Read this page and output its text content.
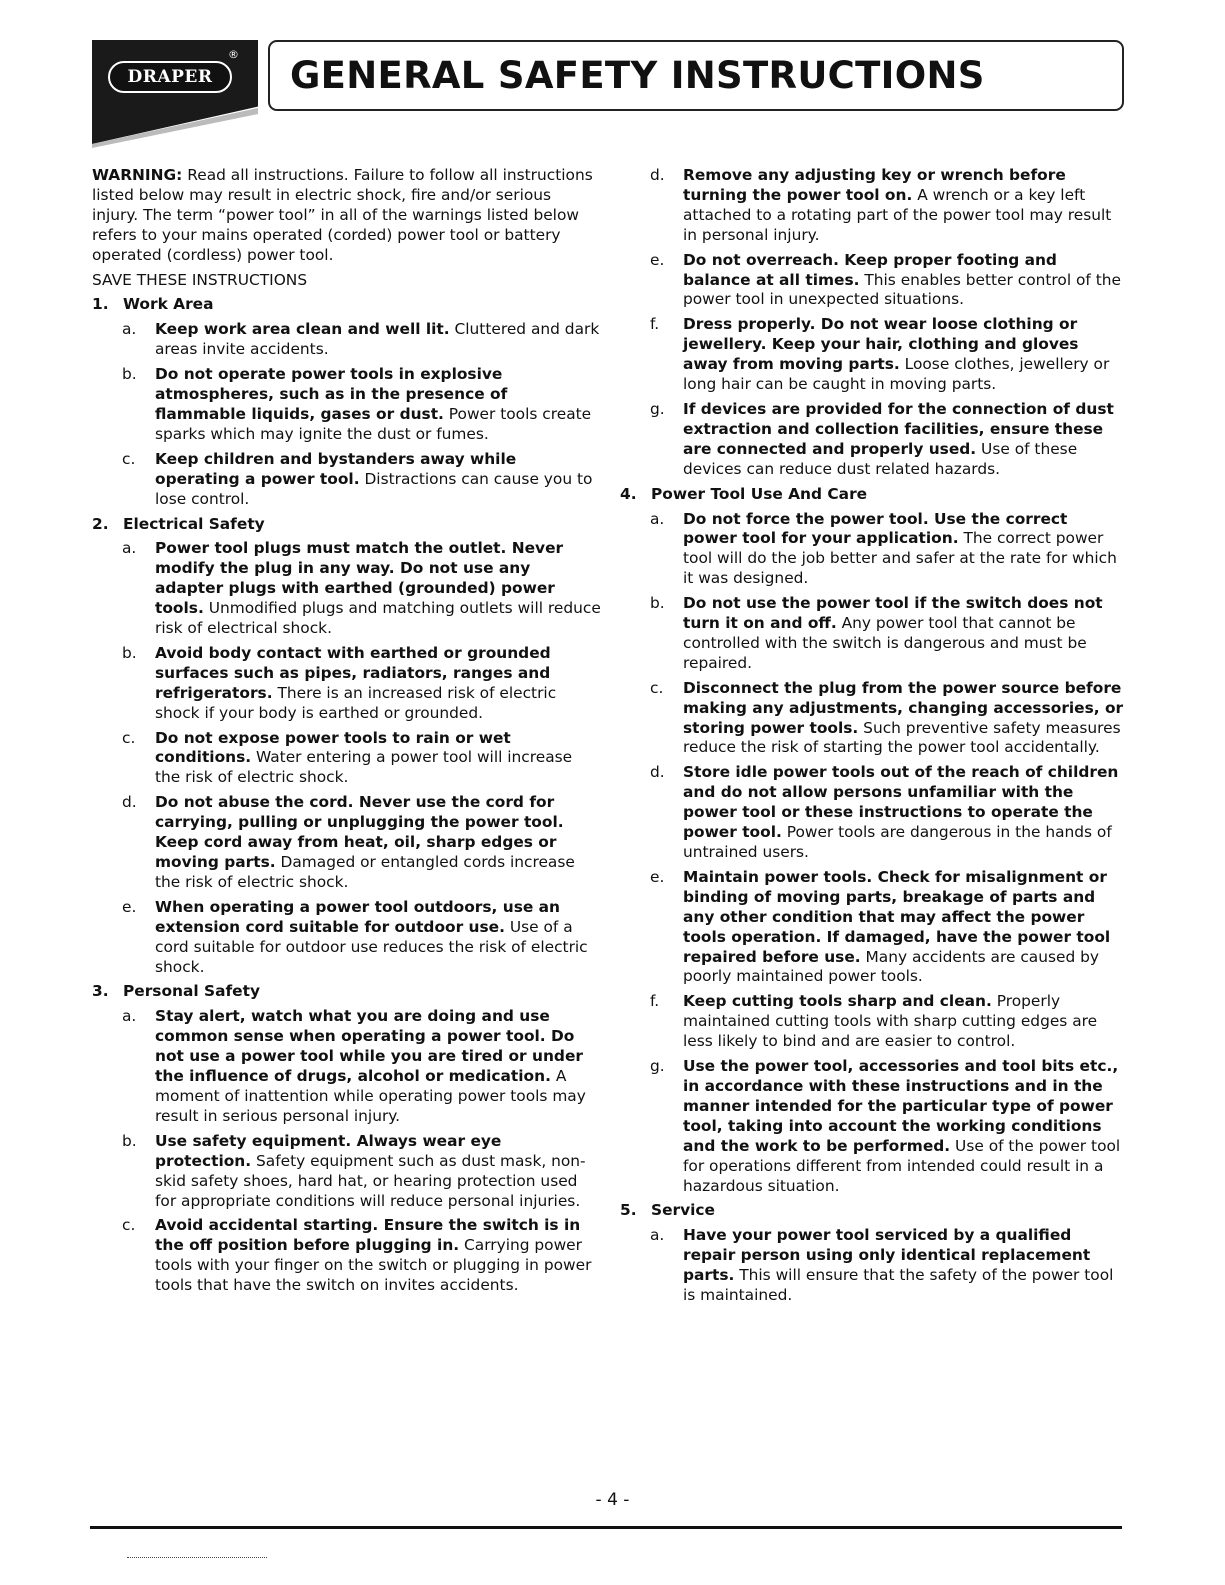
DRAPER
® GENERAL SAFETY INSTRUCTIONS

WARNING: Read all instructions. Failure to follow all instructions listed below may result in electric shock, fire and/or serious injury. The term “power tool” in all of the warnings listed below refers to your mains operated (corded) power tool or battery operated (cordless) power tool.

SAVE THESE INSTRUCTIONS

1. Work Area
a. Keep work area clean and well lit. Cluttered and dark areas invite accidents.
b. Do not operate power tools in explosive atmospheres, such as in the presence of flammable liquids, gases or dust. Power tools create sparks which may ignite the dust or fumes.
c. Keep children and bystanders away while operating a power tool. Distractions can cause you to lose control.
2. Electrical Safety
a. Power tool plugs must match the outlet. Never modify the plug in any way. Do not use any adapter plugs with earthed (grounded) power tools. Unmodified plugs and matching outlets will reduce risk of electrical shock.
b. Avoid body contact with earthed or grounded surfaces such as pipes, radiators, ranges and refrigerators. There is an increased risk of electric shock if your body is earthed or grounded.
c. Do not expose power tools to rain or wet conditions. Water entering a power tool will increase the risk of electric shock.
d. Do not abuse the cord. Never use the cord for carrying, pulling or unplugging the power tool. Keep cord away from heat, oil, sharp edges or moving parts. Damaged or entangled cords increase the risk of electric shock.
e. When operating a power tool outdoors, use an extension cord suitable for outdoor use. Use of a cord suitable for outdoor use reduces the risk of electric shock.
3. Personal Safety
a. Stay alert, watch what you are doing and use common sense when operating a power tool. Do not use a power tool while you are tired or under the influence of drugs, alcohol or medication. A moment of inattention while operating power tools may result in serious personal injury.
b. Use safety equipment. Always wear eye protection. Safety equipment such as dust mask, non-skid safety shoes, hard hat, or hearing protection used for appropriate conditions will reduce personal injuries.
c. Avoid accidental starting. Ensure the switch is in the off position before plugging in. Carrying power tools with your finger on the switch or plugging in power tools that have the switch on invites accidents.
d. Remove any adjusting key or wrench before turning the power tool on. A wrench or a key left attached to a rotating part of the power tool may result in personal injury.
e. Do not overreach. Keep proper footing and balance at all times. This enables better control of the power tool in unexpected situations.
f. Dress properly. Do not wear loose clothing or jewellery. Keep your hair, clothing and gloves away from moving parts. Loose clothes, jewellery or long hair can be caught in moving parts.
g. If devices are provided for the connection of dust extraction and collection facilities, ensure these are connected and properly used. Use of these devices can reduce dust related hazards.
4. Power Tool Use And Care
a. Do not force the power tool. Use the correct power tool for your application. The correct power tool will do the job better and safer at the rate for which it was designed.
b. Do not use the power tool if the switch does not turn it on and off. Any power tool that cannot be controlled with the switch is dangerous and must be repaired.
c. Disconnect the plug from the power source before making any adjustments, changing accessories, or storing power tools. Such preventive safety measures reduce the risk of starting the power tool accidentally.
d. Store idle power tools out of the reach of children and do not allow persons unfamiliar with the power tool or these instructions to operate the power tool. Power tools are dangerous in the hands of untrained users.
e. Maintain power tools. Check for misalignment or binding of moving parts, breakage of parts and any other condition that may affect the power tools operation. If damaged, have the power tool repaired before use. Many accidents are caused by poorly maintained power tools.
f. Keep cutting tools sharp and clean. Properly maintained cutting tools with sharp cutting edges are less likely to bind and are easier to control.
g. Use the power tool, accessories and tool bits etc., in accordance with these instructions and in the manner intended for the particular type of power tool, taking into account the working conditions and the work to be performed. Use of the power tool for operations different from intended could result in a hazardous situation.
5. Service
a. Have your power tool serviced by a qualified repair person using only identical replacement parts. This will ensure that the safety of the power tool is maintained.
- 4 -
